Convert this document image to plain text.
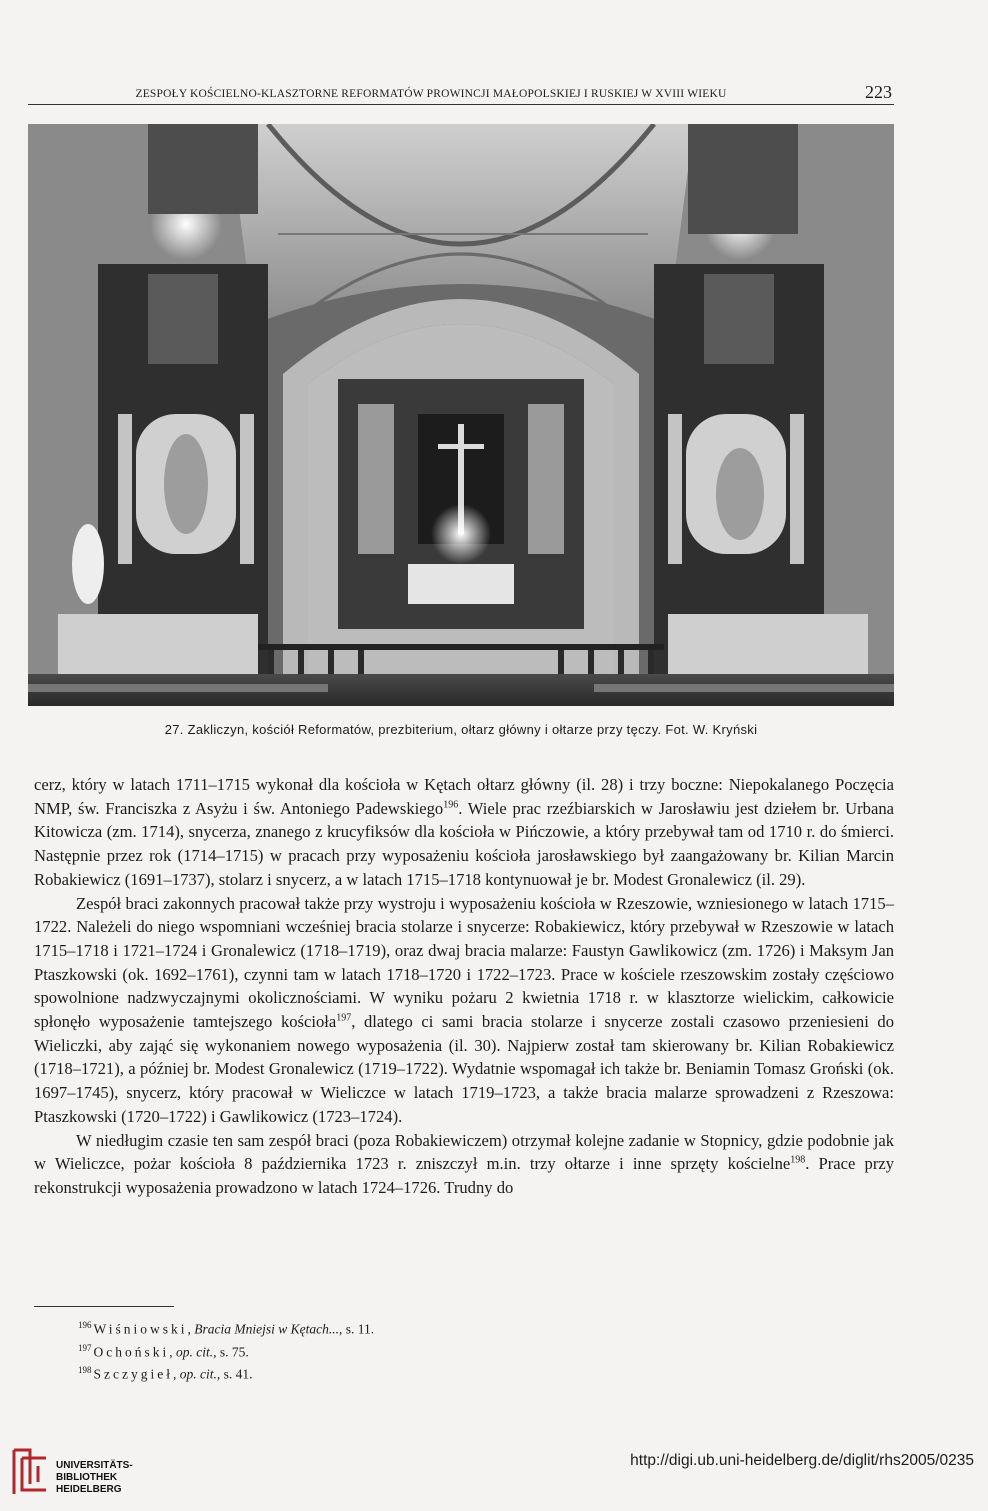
ZESPOŁY KOŚCIELNO-KLASZTORNE REFORMATÓW PROWINCJI MAŁOPOLSKIEJ I RUSKIEJ W XVIII WIEKU	223
27. Zakliczyn, kościół Reformatów, prezbiterium, ołtarz główny i ołtarze przy tęczy. Fot. W. Kryński

cerz, który w latach 1711–1715 wykonał dla kościoła w Kętach ołtarz główny (il. 28) i trzy boczne: Niepokalanego Poczęcia NMP, św. Franciszka z Asyżu i św. Antoniego Padewskiego$^{196}$. Wiele prac rzeźbiarskich w Jarosławiu jest dziełem br. Urbana Kitowicza (zm. 1714), snycerza, znanego z krucyfiksów dla kościoła w Pińczowie, a który przebywał tam od 1710 r. do śmierci. Następnie przez rok (1714–1715) w pracach przy wyposażeniu kościoła jarosławskiego był zaangażowany br. Kilian Marcin Robakiewicz (1691–1737), stolarz i snycerz, a w latach 1715–1718 kontynuował je br. Modest Gronalewicz (il. 29).

Zespół braci zakonnych pracował także przy wystroju i wyposażeniu kościoła w Rzeszowie, wzniesionego w latach 1715–1722. Należeli do niego wspomniani wcześniej bracia stolarze i snycerze: Robakiewicz, który przebywał w Rzeszowie w latach 1715–1718 i 1721–1724 i Gronalewicz (1718–1719), oraz dwaj bracia malarze: Faustyn Gawlikowicz (zm. 1726) i Maksym Jan Ptaszkowski (ok. 1692–1761), czynni tam w latach 1718–1720 i 1722–1723. Prace w kościele rzeszowskim zostały częściowo spowolnione nadzwyczajnymi okolicznościami. W wyniku pożaru 2 kwietnia 1718 r. w klasztorze wielickim, całkowicie spłonęło wyposażenie tamtejszego kościoła$^{197}$, dlatego ci sami bracia stolarze i snycerze zostali czasowo przeniesieni do Wieliczki, aby zająć się wykonaniem nowego wyposażenia (il. 30). Najpierw został tam skierowany br. Kilian Robakiewicz (1718–1721), a później br. Modest Gronalewicz (1719–1722). Wydatnie wspomagał ich także br. Beniamin Tomasz Groński (ok. 1697–1745), snycerz, który pracował w Wieliczce w latach 1719–1723, a także bracia malarze sprowadzeni z Rzeszowa: Ptaszkowski (1720–1722) i Gawlikowicz (1723–1724).

W niedługim czasie ten sam zespół braci (poza Robakiewiczem) otrzymał kolejne zadanie w Stopnicy, gdzie podobnie jak w Wieliczce, pożar kościoła 8 października 1723 r. zniszczył m.in. trzy ołtarze i inne sprzęty kościelne$^{198}$. Prace przy rekonstrukcji wyposażenia prowadzono w latach 1724–1726. Trudny do

$^{196}$ Wiśniowski, Bracia Mniejsi w Kętach..., s. 11.
$^{197}$ Ochoński, op. cit., s. 75.
$^{198}$ Szczygieł, op. cit., s. 41.
UNIVERSITÄTS-
BIBLIOTHEK
HEIDELBERG
http://digi.ub.uni-heidelberg.de/diglit/rhs2005/0235
